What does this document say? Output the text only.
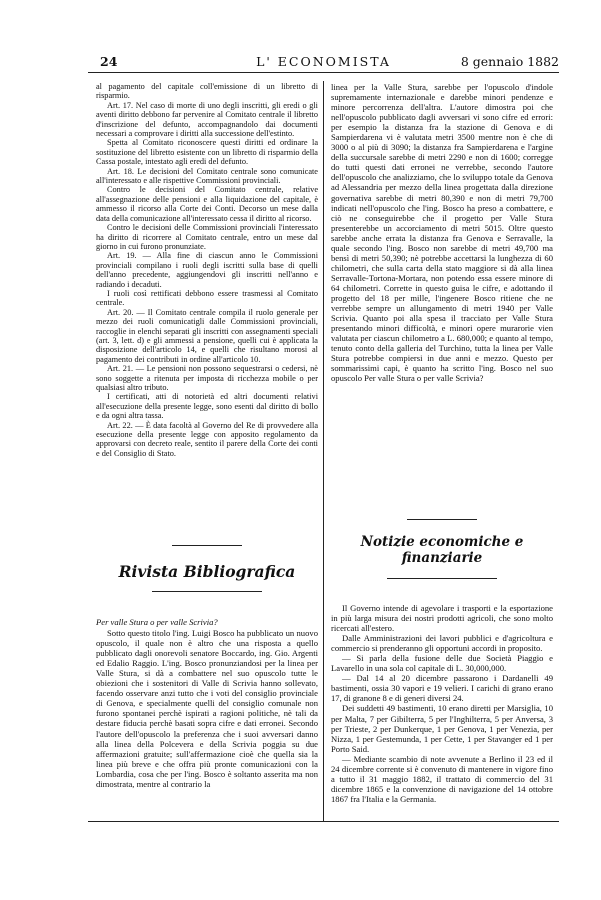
24	L' ECONOMISTA	8 gennaio 1882

al pagamento del capitale coll'emissione di un libretto di risparmio.

Art. 17. Nel caso di morte di uno degli inscritti, gli eredi o gli aventi diritto debbono far pervenire al Comitato centrale il libretto d'inscrizione del defunto, accompagnandolo dai documenti necessari a comprovare i diritti alla successione dell'estinto.

Spetta al Comitato riconoscere questi diritti ed ordinare la sostituzione del libretto esistente con un libretto di risparmio della Cassa postale, intestato agli eredi del defunto.

Art. 18. Le decisioni del Comitato centrale sono comunicate all'interessato e alle rispettive Commissioni provinciali.

Contro le decisioni del Comitato centrale, relative all'assegnazione delle pensioni e alla liquidazione del capitale, è ammesso il ricorso alla Corte dei Conti. Decorso un mese dalla data della comunicazione all'interessato cessa il diritto al ricorso.

Contro le decisioni delle Commissioni provinciali l'interessato ha diritto di ricorrere al Comitato centrale, entro un mese dal giorno in cui furono pronunziate.

Art. 19. — Alla fine di ciascun anno le Commissioni provinciali compilano i ruoli degli iscritti sulla base di quelli dell'anno precedente, aggiungendovi gli inscritti nell'anno e radiando i decaduti.

I ruoli così rettificati debbono essere trasmessi al Comitato centrale.

Art. 20. — Il Comitato centrale compila il ruolo generale per mezzo dei ruoli comunicatigli dalle Commissioni provinciali, raccoglie in elenchi separati gli inscritti con assegnamenti speciali (art. 3, lett. d) e gli ammessi a pensione, quelli cui è applicata la disposizione dell'articolo 14, e quelli che risultano morosi al pagamento dei contributi in ordine all'articolo 10.

Art. 21. — Le pensioni non possono sequestrarsi o cedersi, nè sono soggette a ritenuta per imposta di ricchezza mobile o per qualsiasi altro tributo.

I certificati, atti di notorietà ed altri documenti relativi all'esecuzione della presente legge, sono esenti dal diritto di bollo e da ogni altra tassa.

Art. 22. — È data facoltà al Governo del Re di provvedere alla esecuzione della presente legge con apposito regolamento da approvarsi con decreto reale, sentito il parere della Corte dei conti e del Consiglio di Stato.

Rivista Bibliografica

Per valle Stura o per valle Scrivia?

Sotto questo titolo l'ing. Luigi Bosco ha pubblicato un nuovo opuscolo, il quale non è altro che una risposta a quello pubblicato dagli onorevoli senatore Boccardo, ing. Gio. Argenti ed Edalio Raggio. L'ing. Bosco pronunziandosi per la linea per Valle Stura, si dà a combattere nel suo opuscolo tutte le obiezioni che i sostenitori di Valle di Scrivia hanno sollevato, facendo osservare anzi tutto che i voti del consiglio provinciale di Genova, e specialmente quelli del consiglio comunale non furono spontanei perchè ispirati a ragioni politiche, nè tali da destare fiducia perchè basati sopra cifre e dati erronei. Secondo l'autore dell'opuscolo la preferenza che i suoi avversari danno alla linea della Polcevera e della Scrivia poggia su due affermazioni gratuite; sull'affermazione cioè che quella sia la linea più breve e che offra più pronte comunicazioni con la Lombardia, cosa che per l'ing. Bosco è soltanto asserita ma non dimostrata, mentre al contrario la

linea per la Valle Stura, sarebbe per l'opuscolo d'indole supremamente internazionale e darebbe minori pendenze e minore percorrenza dell'altra. L'autore dimostra poi che nell'opuscolo pubblicato dagli avversari vi sono cifre ed errori: per esempio la distanza fra la stazione di Genova e di Sampierdarena vi è valutata metri 3500 mentre non è che di 3000 o al più di 3090; la distanza fra Sampierdarena e l'argine della succursale sarebbe di metri 2290 e non di 1600; corregge do tutti questi dati erronei ne verrebbe, secondo l'autore dell'opuscolo che analizziamo, che lo sviluppo totale da Genova ad Alessandria per mezzo della linea progettata dalla direzione governativa sarebbe di metri 80,390 e non di metri 79,700 indicati nell'opuscolo che l'ing. Bosco ha preso a combattere, e ciò ne conseguirebbe che il progetto per Valle Stura presenterebbe un accorciamento di metri 5015. Oltre questo sarebbe anche errata la distanza fra Genova e Serravalle, la quale secondo l'ing. Bosco non sarebbe di metri 49,700 ma bensì di metri 50,390; nè potrebbe accettarsi la lunghezza di 60 chilometri, che sulla carta della stato maggiore si dà alla linea Serravalle-Tortona-Mortara, non potendo essa essere minore di 64 chilometri. Corrette in questo guisa le cifre, e adottando il progetto del 18 per mille, l'ingenere Bosco ritiene che ne verrebbe sempre un allungamento di metri 1940 per Valle Scrivia. Quanto poi alla spesa il tracciato per Valle Stura presentando minori difficoltà, e minori opere murarorie vien valutata per ciascun chilometro a L. 680,000; e quanto al tempo, tenuto conto della galleria del Turchino, tutta la linea per Valle Stura potrebbe compiersi in due anni e mezzo. Questo per sommarissimi capi, è quanto ha scritto l'ing. Bosco nel suo opuscolo Per valle Stura o per valle Scrivia?

Notizie economiche e finanziarie

Il Governo intende di agevolare i trasporti e la esportazione in più larga misura dei nostri prodotti agricoli, che sono molto ricercati all'estero.

Dalle Amministrazioni dei lavori pubblici e d'agricoltura e commercio si prenderanno gli opportuni accordi in proposito.

— Si parla della fusione delle due Società Piaggio e Lavarello in una sola col capitale di L. 30,000,000.

— Dal 14 al 20 dicembre passarono i Dardanelli 49 bastimenti, ossia 30 vapori e 19 velieri. I carichi di grano erano 17, di granone 8 e di generi diversi 24.

Dei suddetti 49 bastimenti, 10 erano diretti per Marsiglia, 10 per Malta, 7 per Gibilterra, 5 per l'Inghilterra, 5 per Anversa, 3 per Trieste, 2 per Dunkerque, 1 per Genova, 1 per Venezia, per Nizza, 1 per Gestemunda, 1 per Cette, 1 per Stavanger ed 1 per Porto Said.

— Mediante scambio di note avvenute a Berlino il 23 ed il 24 dicembre corrente si è convenuto di mantenere in vigore fino a tutto il 31 maggio 1882, il trattato di commercio del 31 dicembre 1865 e la convenzione di navigazione del 14 ottobre 1867 fra l'Italia e la Germania.
